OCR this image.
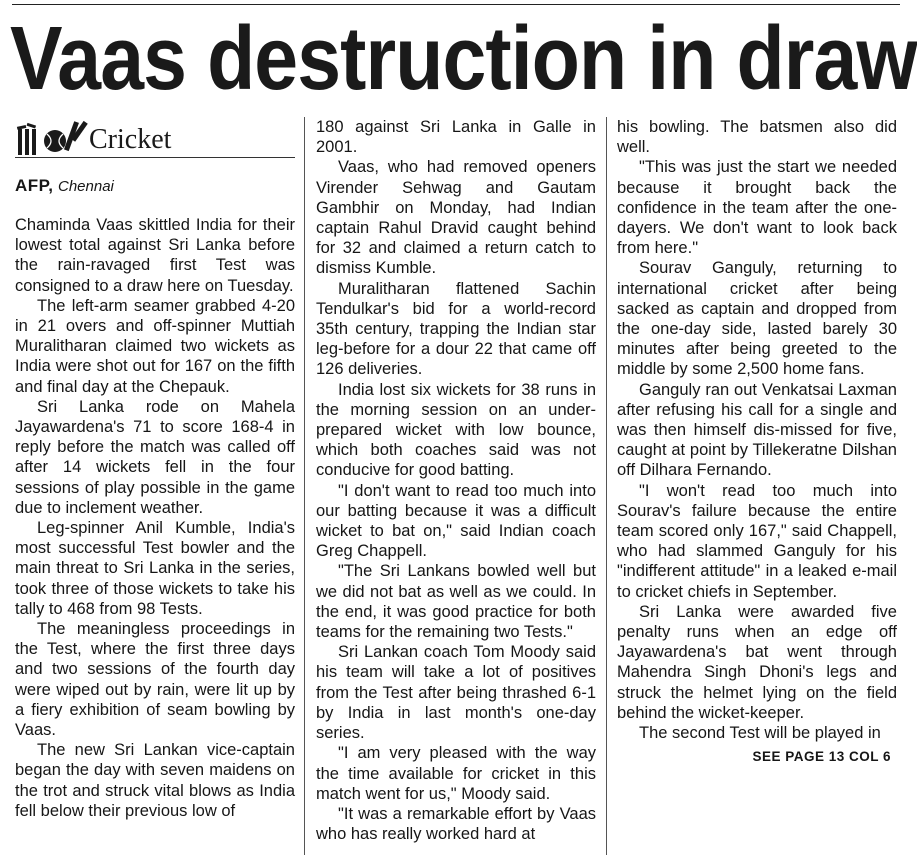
Vaas destruction in draw
Cricket
AFP, Chennai

Chaminda Vaas skittled India for their lowest total against Sri Lanka before the rain-ravaged first Test was consigned to a draw here on Tuesday.

The left-arm seamer grabbed 4-20 in 21 overs and off-spinner Muttiah Muralitharan claimed two wickets as India were shot out for 167 on the fifth and final day at the Chepauk.

Sri Lanka rode on Mahela Jayawardena's 71 to score 168-4 in reply before the match was called off after 14 wickets fell in the four sessions of play possible in the game due to inclement weather.

Leg-spinner Anil Kumble, India's most successful Test bowler and the main threat to Sri Lanka in the series, took three of those wickets to take his tally to 468 from 98 Tests.

The meaningless proceedings in the Test, where the first three days and two sessions of the fourth day were wiped out by rain, were lit up by a fiery exhibition of seam bowling by Vaas.

The new Sri Lankan vice-captain began the day with seven maidens on the trot and struck vital blows as India fell below their previous low of

180 against Sri Lanka in Galle in 2001.

Vaas, who had removed openers Virender Sehwag and Gautam Gambhir on Monday, had Indian captain Rahul Dravid caught behind for 32 and claimed a return catch to dismiss Kumble.

Muralitharan flattened Sachin Tendulkar's bid for a world-record 35th century, trapping the Indian star leg-before for a dour 22 that came off 126 deliveries.

India lost six wickets for 38 runs in the morning session on an under-prepared wicket with low bounce, which both coaches said was not conducive for good batting.

"I don't want to read too much into our batting because it was a difficult wicket to bat on," said Indian coach Greg Chappell.

"The Sri Lankans bowled well but we did not bat as well as we could. In the end, it was good practice for both teams for the remaining two Tests."

Sri Lankan coach Tom Moody said his team will take a lot of positives from the Test after being thrashed 6-1 by India in last month's one-day series.

"I am very pleased with the way the time available for cricket in this match went for us," Moody said.

"It was a remarkable effort by Vaas who has really worked hard at

his bowling. The batsmen also did well.

"This was just the start we needed because it brought back the confidence in the team after the one-dayers. We don't want to look back from here."

Sourav Ganguly, returning to international cricket after being sacked as captain and dropped from the one-day side, lasted barely 30 minutes after being greeted to the middle by some 2,500 home fans.

Ganguly ran out Venkatsai Laxman after refusing his call for a single and was then himself dis-missed for five, caught at point by Tillekeratne Dilshan off Dilhara Fernando.

"I won't read too much into Sourav's failure because the entire team scored only 167," said Chappell, who had slammed Ganguly for his "indifferent attitude" in a leaked e-mail to cricket chiefs in September.

Sri Lanka were awarded five penalty runs when an edge off Jayawardena's bat went through Mahendra Singh Dhoni's legs and struck the helmet lying on the field behind the wicket-keeper.

The second Test will be played in

SEE PAGE 13 COL 6
